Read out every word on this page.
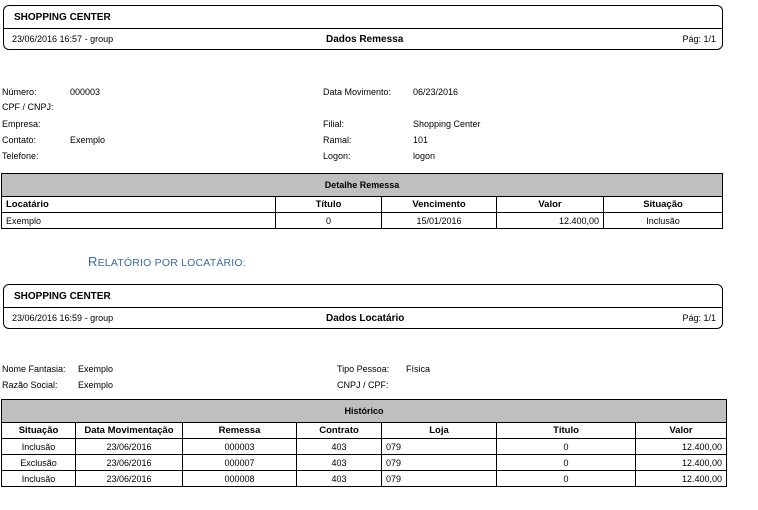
SHOPPING CENTER
23/06/2016 16:57 - group	Dados Remessa	Pág: 1/1
Número:	000003
CPF / CNPJ:
Empresa:
Contato:	Exemplo
Telefone:
Data Movimento: 06/23/2016
Filial:	Shopping Center
Ramal:	101
Logon:	logon
Detalhe Remessa				
Locatário	Título	Vencimento	Valor	Situação
Exemplo	0	15/01/2016	12.400,00	Inclusão
RELATÓRIO POR LOCATÁRIO:
SHOPPING CENTER
23/06/2016 16:59 - group	Dados Locatário	Pág: 1/1
Nome Fantasia: Exemplo
Razão Social: Exemplo
Tipo Pessoa: Física
CNPJ / CPF:
Histórico						
Situação	Data Movimentação	Remessa	Contrato	Loja	Título	Valor
Inclusão	23/06/2016	000003	403	079	0	12.400,00
Exclusão	23/06/2016	000007	403	079	0	12.400,00
Inclusão	23/06/2016	000008	403	079	0	12.400,00
